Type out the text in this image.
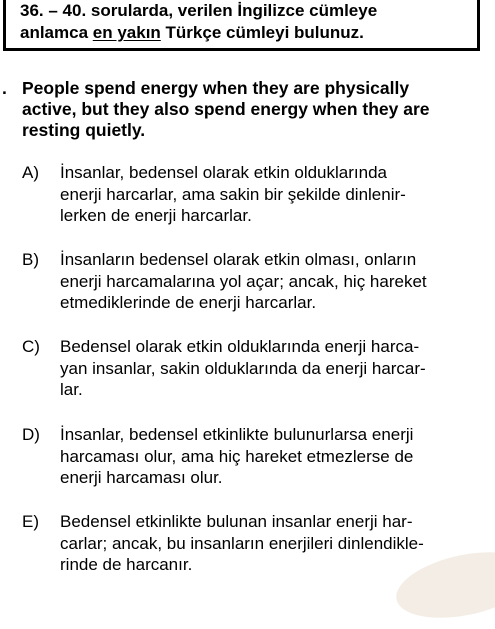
36. – 40. sorularda, verilen İngilizce cümleye
anlamca en yakın Türkçe cümleyi bulunuz.
. People spend energy when they are physically
active, but they also spend energy when they are
resting quietly.
A) İnsanlar, bedensel olarak etkin olduklarında
enerji harcarlar, ama sakin bir şekilde dinlenir-
lerken de enerji harcarlar.
B) İnsanların bedensel olarak etkin olması, onların
enerji harcamalarına yol açar; ancak, hiç hareket
etmediklerinde de enerji harcarlar.
C) Bedensel olarak etkin olduklarında enerji harca-
yan insanlar, sakin olduklarında da enerji harcar-
lar.
D) İnsanlar, bedensel etkinlikte bulunurlarsa enerji
harcaması olur, ama hiç hareket etmezlerse de
enerji harcaması olur.
E) Bedensel etkinlikte bulunan insanlar enerji har-
carlar; ancak, bu insanların enerjileri dinlendikle-
rinde de harcanır.
